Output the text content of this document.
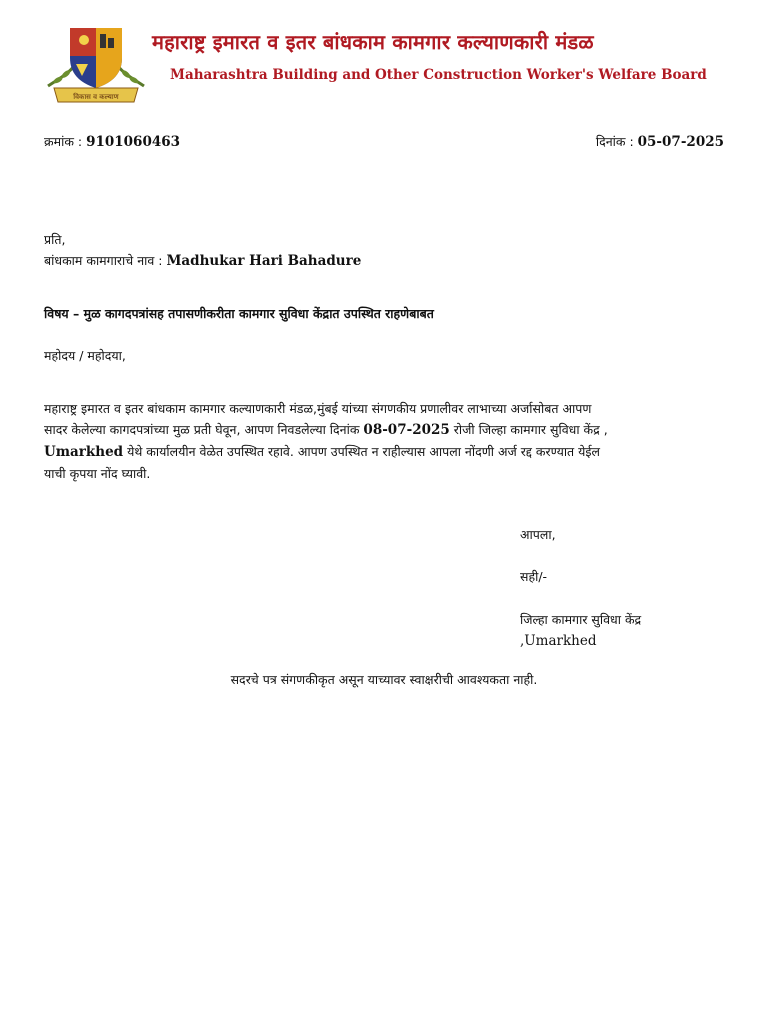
विकास व कल्याण
महाराष्ट्र इमारत व इतर बांधकाम कामगार कल्याणकारी मंडळ
Maharashtra Building and Other Construction Worker's Welfare Board
क्रमांक : 9101060463	दिनांक : 05-07-2025
प्रति,
बांधकाम कामगाराचे नाव : Madhukar Hari Bahadure
विषय – मुळ कागदपत्रांसह तपासणीकरीता कामगार सुविधा केंद्रात उपस्थित राहणेबाबत
महोदय / महोदया,
महाराष्ट्र इमारत व इतर बांधकाम कामगार कल्याणकारी मंडळ,मुंबई यांच्या संगणकीय प्रणालीवर लाभाच्या अर्जासोबत आपण
सादर केलेल्या कागदपत्रांच्या मुळ प्रती घेवून, आपण निवडलेल्या दिनांक 08-07-2025 रोजी जिल्हा कामगार सुविधा केंद्र ,
Umarkhed येथे कार्यालयीन वेळेत उपस्थित रहावे. आपण उपस्थित न राहील्यास आपला नोंदणी अर्ज रद्द करण्यात येईल
याची कृपया नोंद घ्यावी.
आपला,
सही/-
जिल्हा कामगार सुविधा केंद्र
,Umarkhed
सदरचे पत्र संगणकीकृत असून याच्यावर स्वाक्षरीची आवश्यकता नाही.
